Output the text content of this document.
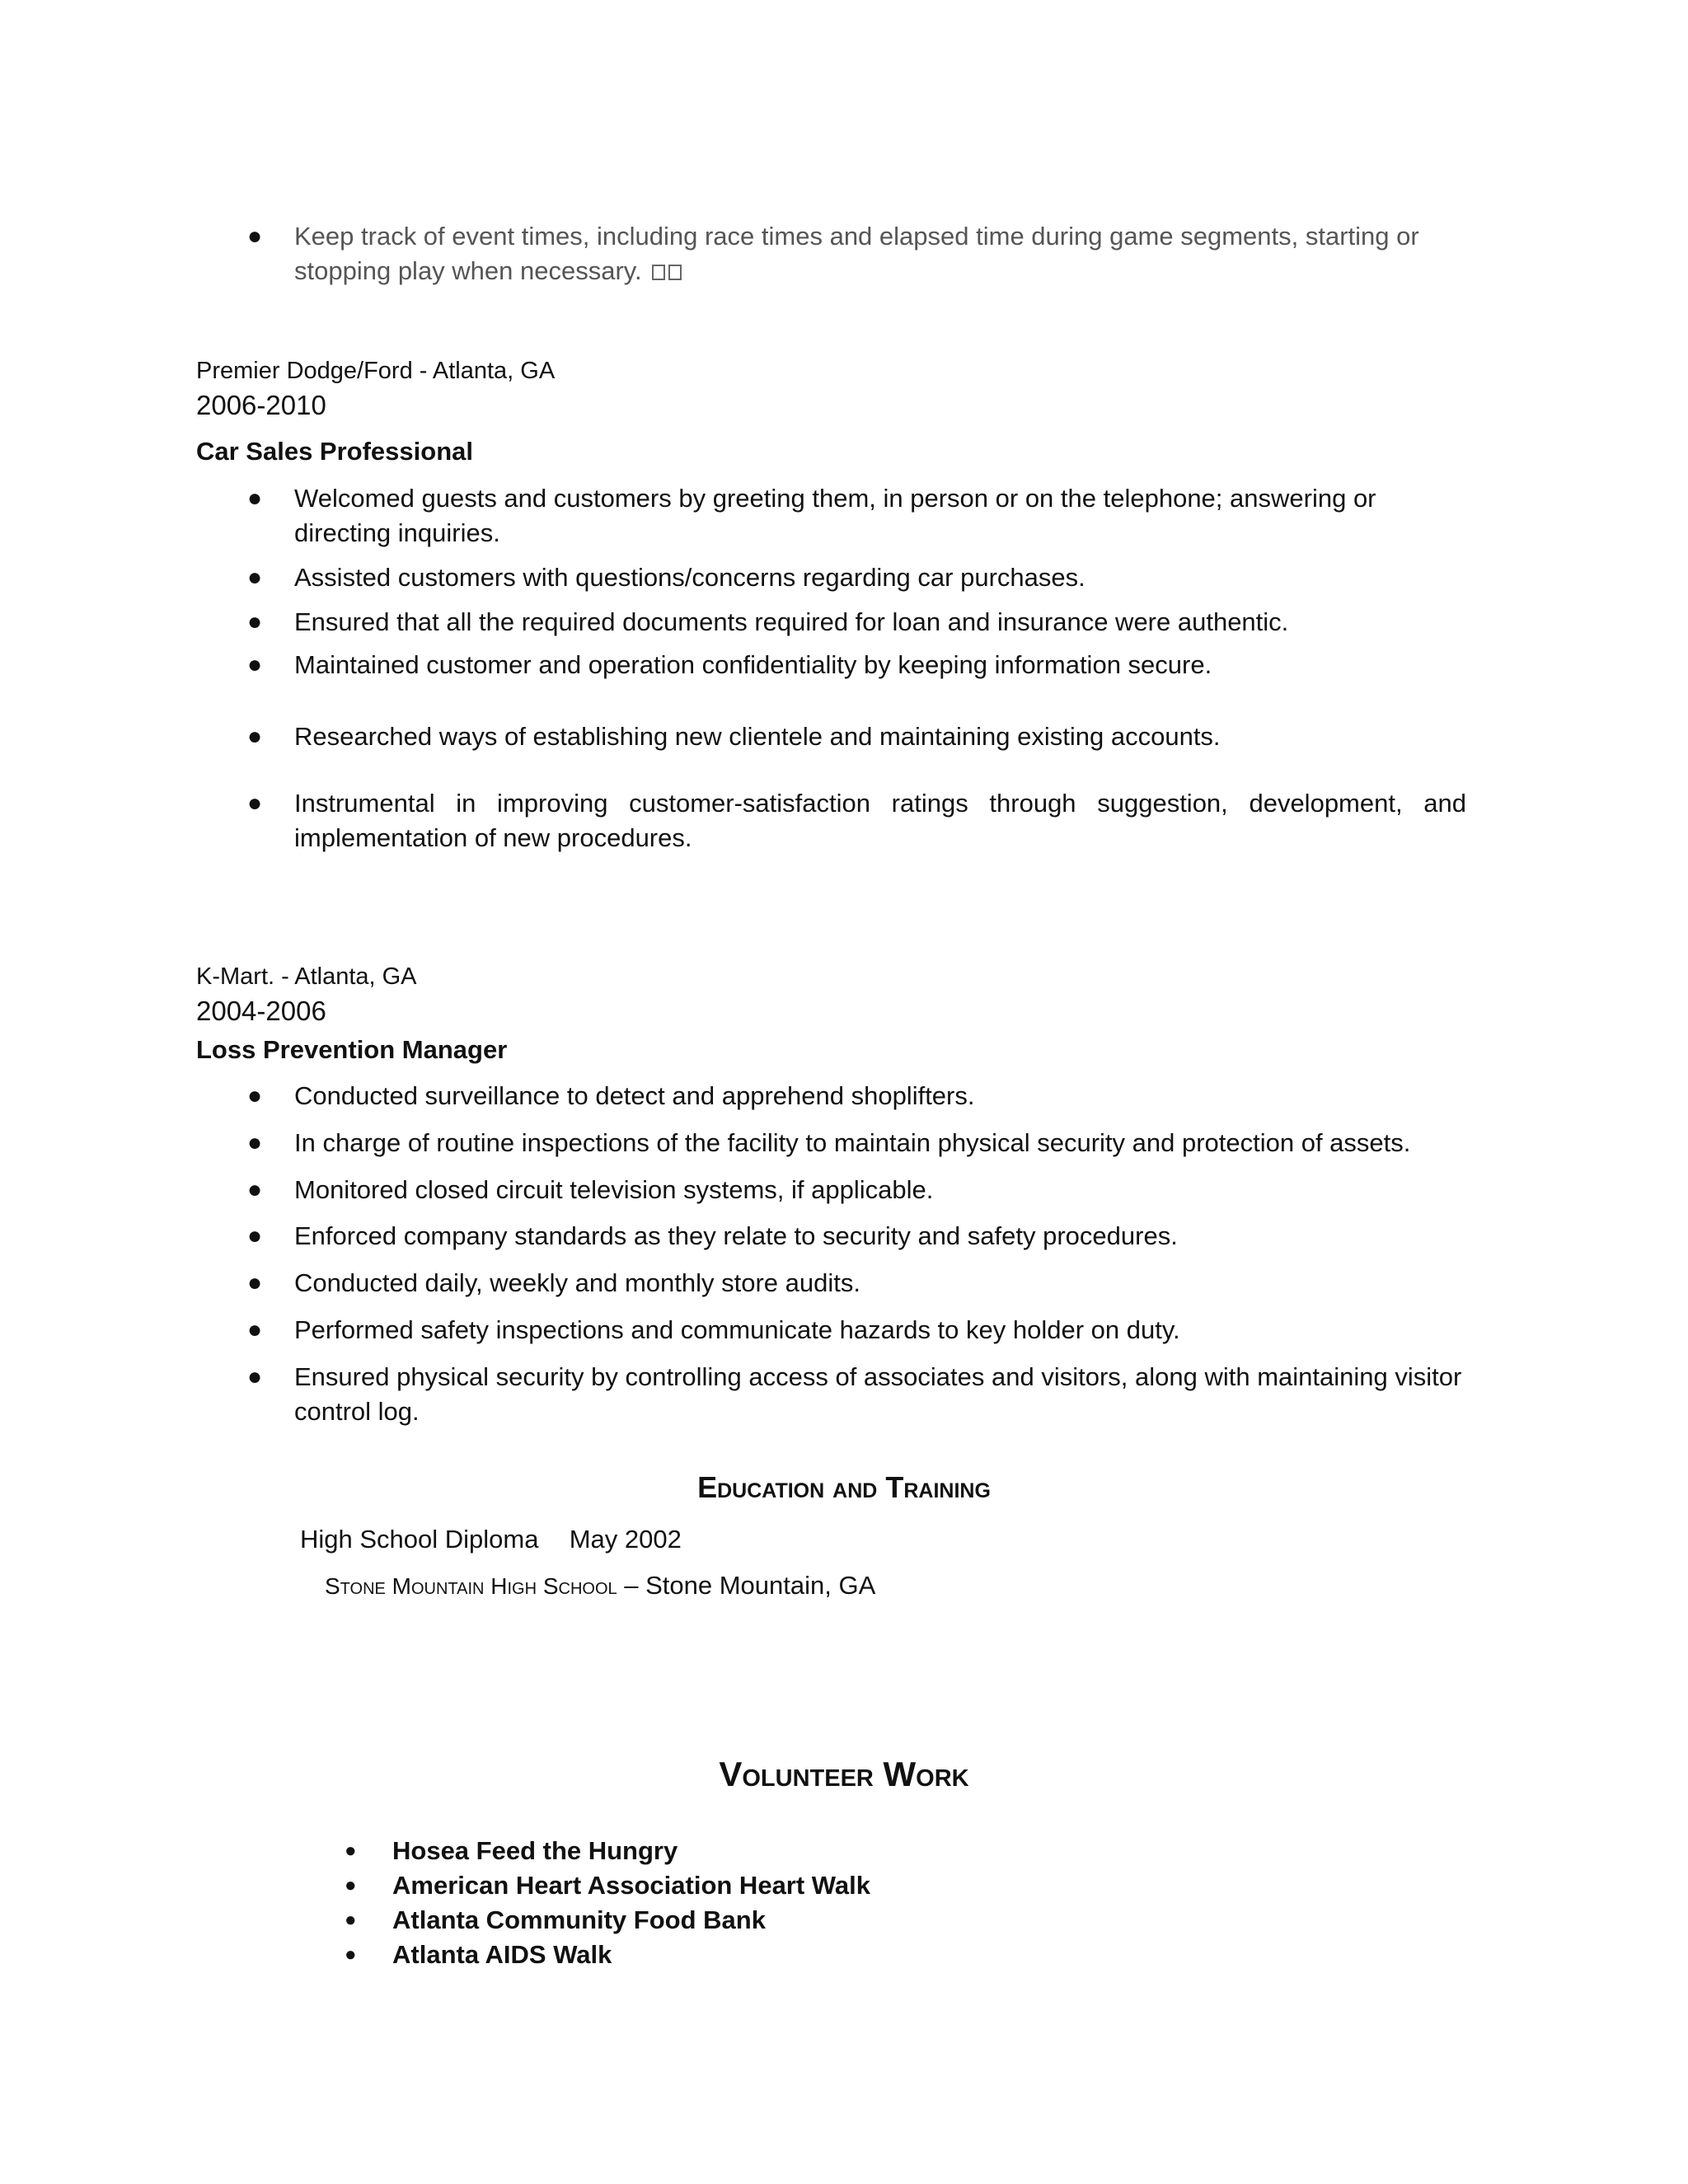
● Keep track of event times, including race times and elapsed time during game segments, starting or stopping play when necessary.
Premier Dodge/Ford - Atlanta, GA
2006-2010
Car Sales Professional
● Welcomed guests and customers by greeting them, in person or on the telephone; answering or directing inquiries.
● Assisted customers with questions/concerns regarding car purchases.
● Ensured that all the required documents required for loan and insurance were authentic.
● Maintained customer and operation confidentiality by keeping information secure.
● Researched ways of establishing new clientele and maintaining existing accounts.
● Instrumental in improving customer-satisfaction ratings through suggestion, development, and implementation of new procedures.
K-Mart. - Atlanta, GA
2004-2006
Loss Prevention Manager
● Conducted surveillance to detect and apprehend shoplifters.
● In charge of routine inspections of the facility to maintain physical security and protection of assets.
● Monitored closed circuit television systems, if applicable.
● Enforced company standards as they relate to security and safety procedures.
● Conducted daily, weekly and monthly store audits.
● Performed safety inspections and communicate hazards to key holder on duty.
● Ensured physical security by controlling access of associates and visitors, along with maintaining visitor control log.
Education and Training
High School Diploma May 2002
Stone Mountain High School – Stone Mountain, GA
Volunteer Work
● Hosea Feed the Hungry
● American Heart Association Heart Walk
● Atlanta Community Food Bank
● Atlanta AIDS Walk
